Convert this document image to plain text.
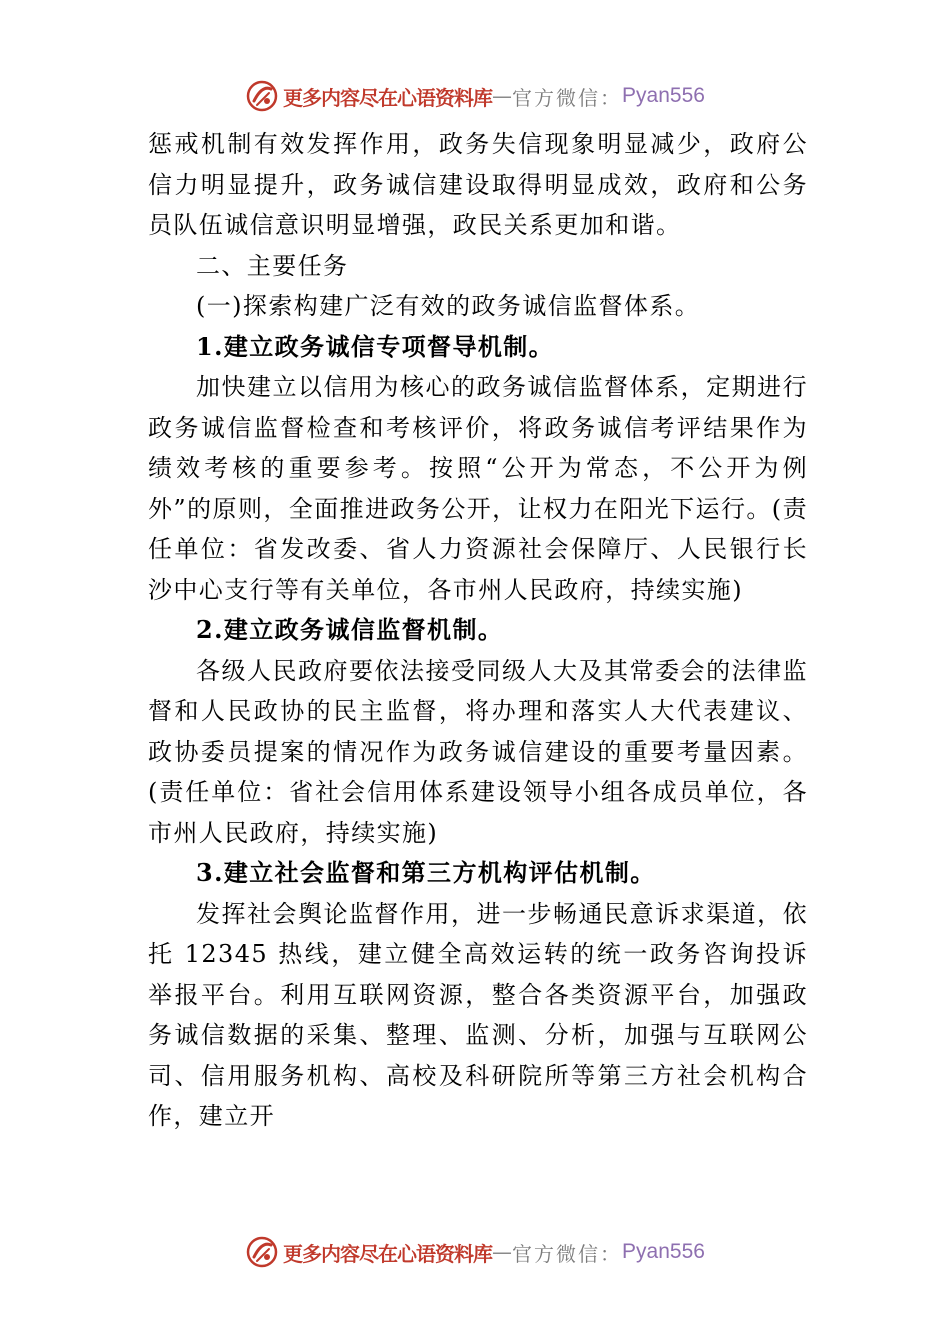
更多内容尽在心语资料库 — 官方微信： Pyan556

惩戒机制有效发挥作用，政务失信现象明显减少，政府公信力明显提升，政务诚信建设取得明显成效，政府和公务员队伍诚信意识明显增强，政民关系更加和谐。

二、主要任务

(一)探索构建广泛有效的政务诚信监督体系。

1.建立政务诚信专项督导机制。

加快建立以信用为核心的政务诚信监督体系，定期进行政务诚信监督检查和考核评价，将政务诚信考评结果作为绩效考核的重要参考。按照“公开为常态，不公开为例外”的原则，全面推进政务公开，让权力在阳光下运行。(责任单位：省发改委、省人力资源社会保障厅、人民银行长沙中心支行等有关单位，各市州人民政府，持续实施)

2.建立政务诚信监督机制。

各级人民政府要依法接受同级人大及其常委会的法律监督和人民政协的民主监督，将办理和落实人大代表建议、 政协委员提案的情况作为政务诚信建设的重要考量因素。(责任单位：省社会信用体系建设领导小组各成员单位，各市州人民政府，持续实施)

3.建立社会监督和第三方机构评估机制。

发挥社会舆论监督作用，进一步畅通民意诉求渠道，依托 12345 热线，建立健全高效运转的统一政务咨询投诉举报平台。利用互联网资源，整合各类资源平台，加强政务诚信数据的采集、整理、监测、分析，加强与互联网公司、信用服务机构、高校及科研院所等第三方社会机构合作，建立开

更多内容尽在心语资料库 — 官方微信： Pyan556
